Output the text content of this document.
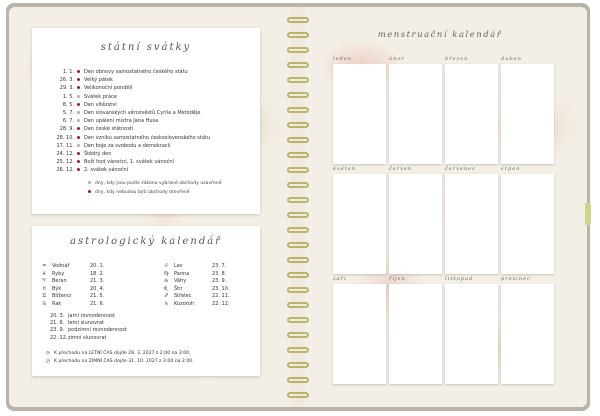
státní svátky
1. 1. Den obnovy samostatného českého státu
26. 3. Velký pátek
29. 3. Velikonoční pondělí
1. 5. Svátek práce
8. 5. Den vítězství
5. 7. Den slovanských věrozvěstů Cyrila a Metoděje
6. 7. Den upálení mistra Jana Husa
28. 9. Den české státnosti
28. 10. Den vzniku samostatného československého státu
17. 11. Den boje za svobodu a demokracii
24. 12. Štědrý den
25. 12. Boží hod vánoční, 1. svátek vánoční
26. 12. 2. svátek vánoční
dny, kdy jsou podle zákona vybrané obchody uzavřené
dny, kdy nebudou býti obchody otevřené
astrologický kalendář
♒ Vodnář	20. 1.
♓ Ryby	18. 2.
♈ Beran	21. 3.
♉ Býk	20. 4.
♊ Blíženci	21. 5.
♋ Rak	21. 6.
♌ Lev	23. 7.
♍ Panna	23. 8.
♎ Váhy	23. 9.
♏ Štír	23. 10.
♐ Střelec	22. 11.
♑ Kozoroh	22. 12.
20. 3. jarní rovnodennost
21. 6. letní slunovrat
23. 9. podzimní rovnodennost
22. 12.zimní slunovrat
◷ K přechodu na LETNÍ ČAS dojde 28. 3. 2027 z 2:00 na 3:00.
◶ K přechodu na ZIMNÍ ČAS dojde 31. 10. 2027 z 3:00 na 2:00.
menstruační kalendář
leden	únor	březen	duben
květen	červen	červenec	srpen
září	říjen	listopad	prosinec
